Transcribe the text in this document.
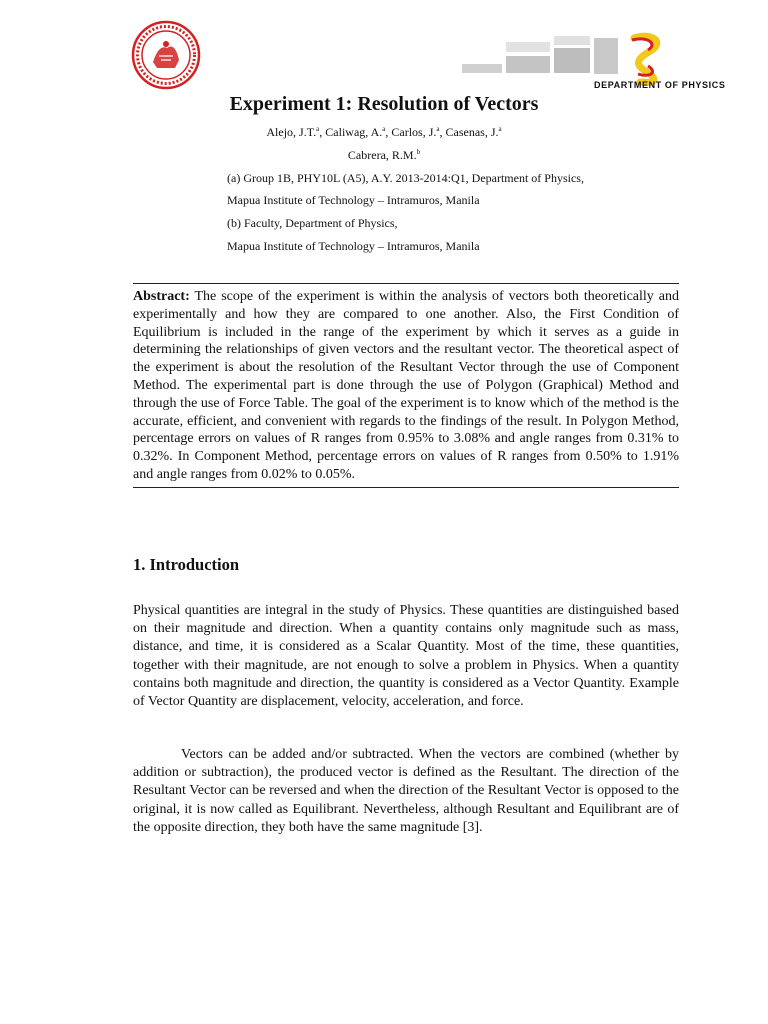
DEPARTMENT OF PHYSICS
Experiment 1: Resolution of Vectors
Alejo, J.T.$^a$, Caliwag, A.$^a$, Carlos, J.$^a$, Casenas, J.$^a$
Cabrera, R.M.$^b$
(a) Group 1B, PHY10L (A5), A.Y. 2013-2014:Q1, Department of Physics,
Mapua Institute of Technology – Intramuros, Manila
(b) Faculty, Department of Physics,
Mapua Institute of Technology – Intramuros, Manila

Abstract: The scope of the experiment is within the analysis of vectors both theoretically and experimentally and how they are compared to one another. Also, the First Condition of Equilibrium is included in the range of the experiment by which it serves as a guide in determining the relationships of given vectors and the resultant vector. The theoretical aspect of the experiment is about the resolution of the Resultant Vector through the use of Component Method. The experimental part is done through the use of Polygon (Graphical) Method and through the use of Force Table. The goal of the experiment is to know which of the method is the accurate, efficient, and convenient with regards to the findings of the result. In Polygon Method, percentage errors on values of R ranges from 0.95% to 3.08% and angle ranges from 0.31% to 0.32%. In Component Method, percentage errors on values of R ranges from 0.50% to 1.91% and angle ranges from 0.02% to 0.05%.

1. Introduction

Physical quantities are integral in the study of Physics. These quantities are distinguished based on their magnitude and direction. When a quantity contains only magnitude such as mass, distance, and time, it is considered as a Scalar Quantity. Most of the time, these quantities, together with their magnitude, are not enough to solve a problem in Physics. When a quantity contains both magnitude and direction, the quantity is considered as a Vector Quantity. Example of Vector Quantity are displacement, velocity, acceleration, and force.

Vectors can be added and/or subtracted. When the vectors are combined (whether by addition or subtraction), the produced vector is defined as the Resultant. The direction of the Resultant Vector can be reversed and when the direction of the Resultant Vector is opposed to the original, it is now called as Equilibrant. Nevertheless, although Resultant and Equilibrant are of the opposite direction, they both have the same magnitude [3].
